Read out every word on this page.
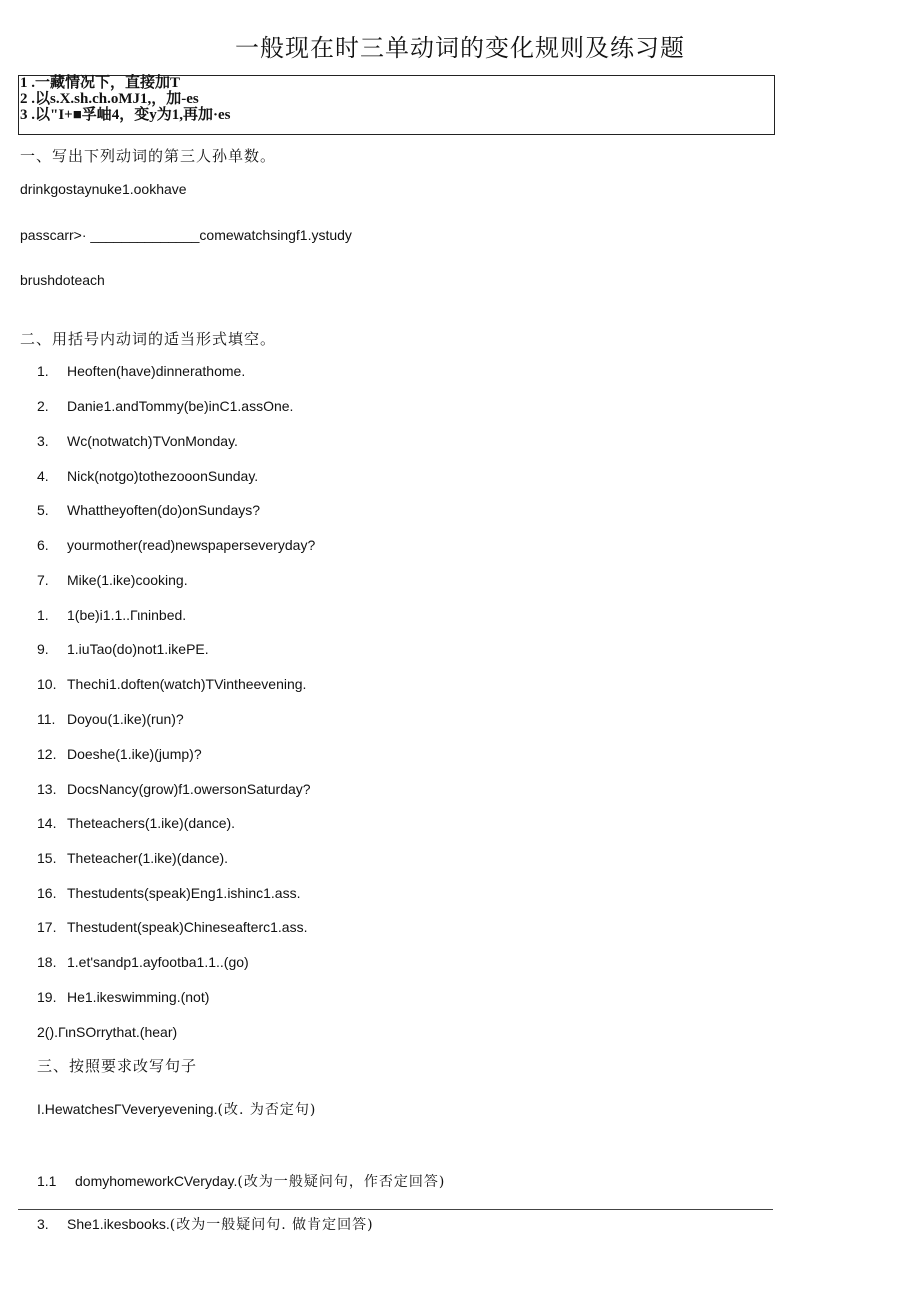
一般现在时三单动词的变化规则及练习题
1 .一藏情况下，直接加T
2 .以s.X.sh.ch.oMJ1,，加-es
3 .以"I+■孚岫4，变y为1,再加·es
一、写出下列动词的第三人孙单数。
drinkgostaynuke1.ookhave
passcarr>· ______________comewatchsingf1.ystudy
brushdoteach
二、用括号内动词的适当形式填空。
1. Heoften(have)dinnerathome.
2. Danie1.andTommy(be)inC1.assOne.
3. Wc(notwatch)TVonMonday.
4. Nick(notgo)tothezooonSunday.
5. Whattheyoften(do)onSundays?
6. yourmother(read)newspaperseveryday?
7. Mike(1.ike)cooking.
1. 1(be)i1.1..Γιninbed.
9. 1.iuTao(do)not1.ikePE.
10. Thechi1.doften(watch)TVintheevening.
11. Doyou(1.ike)(run)?
12. Doeshe(1.ike)(jump)?
13. DocsNancy(grow)f1.owersonSaturday?
14. Theteachers(1.ike)(dance).
15. Theteacher(1.ike)(dance).
16. Thestudents(speak)Eng1.ishinc1.ass.
17. Thestudent(speak)Chineseafterc1.ass.
18. 1.et'sandp1.ayfootba1.1..(go)
19. He1.ikeswimming.(not)
2().ΓιnSOrrythat.(hear)
三、按照要求改写句子
I.HewatchesΓVeveryevening.(改. 为否定句)
1.1 domyhomeworkCVeryday.(改为一般疑问句，作否定回答)
3. She1.ikesbooks.(改为一般疑问句. 做肯定回答)
